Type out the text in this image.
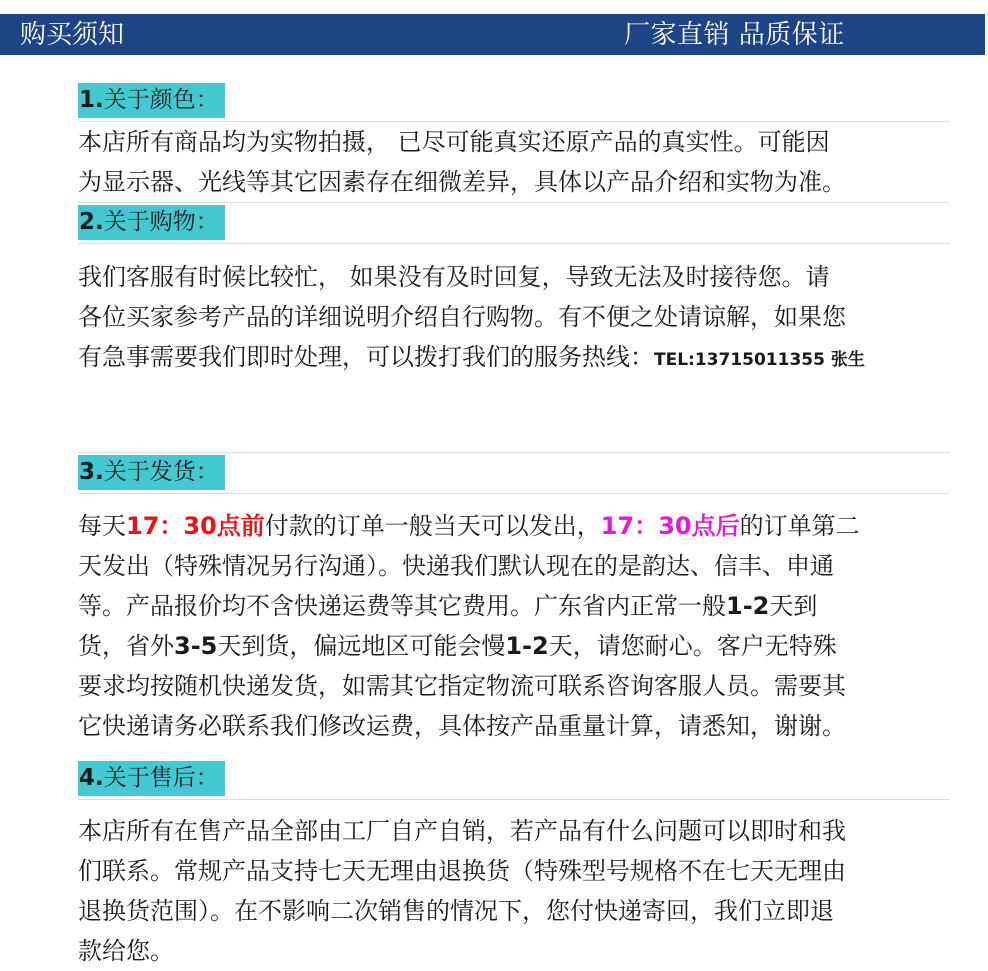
购买须知	厂家直销 品质保证
1.关于颜色：
本店所有商品均为实物拍摄， 已尽可能真实还原产品的真实性。可能因
为显示器、光线等其它因素存在细微差异，具体以产品介绍和实物为准。
2.关于购物：
我们客服有时候比较忙， 如果没有及时回复，导致无法及时接待您。请
各位买家参考产品的详细说明介绍自行购物。有不便之处请谅解，如果您
有急事需要我们即时处理，可以拨打我们的服务热线：TEL:13715011355 张生
3.关于发货：
每天17：30点前付款的订单一般当天可以发出，17：30点后的订单第二
天发出（特殊情况另行沟通）。快递我们默认现在的是韵达、信丰、申通
等。产品报价均不含快递运费等其它费用。广东省内正常一般1-2天到
货，省外3-5天到货，偏远地区可能会慢1-2天，请您耐心。客户无特殊
要求均按随机快递发货，如需其它指定物流可联系咨询客服人员。需要其
它快递请务必联系我们修改运费，具体按产品重量计算，请悉知，谢谢。
4.关于售后：
本店所有在售产品全部由工厂自产自销，若产品有什么问题可以即时和我
们联系。常规产品支持七天无理由退换货（特殊型号规格不在七天无理由
退换货范围）。在不影响二次销售的情况下，您付快递寄回，我们立即退
款给您。
